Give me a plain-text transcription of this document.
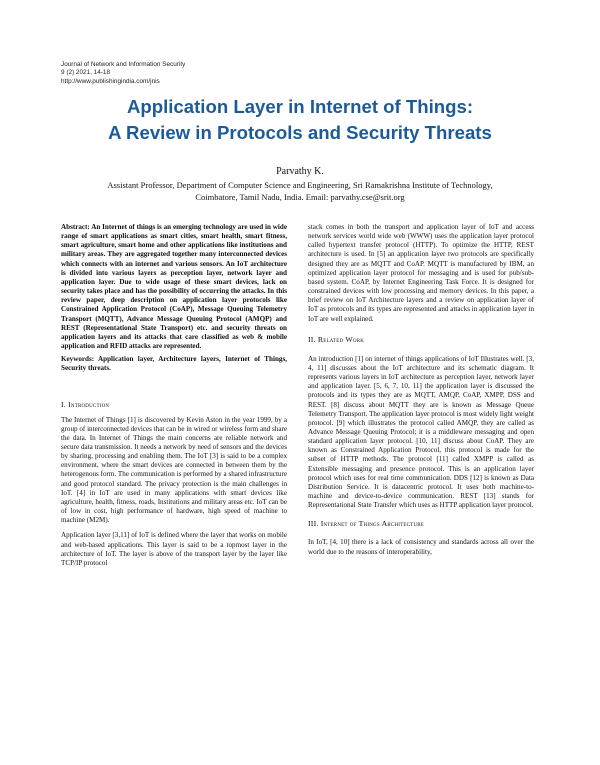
Journal of Network and Information Security
9 (2) 2021, 14-18
http://www.publishingindia.com/jnis
Application Layer in Internet of Things:
A Review in Protocols and Security Threats
Parvathy K.
Assistant Professor, Department of Computer Science and Engineering, Sri Ramakrishna Institute of Technology,
Coimbatore, Tamil Nadu, India. Email: parvathy.cse@srit.org

Abstract: An Internet of things is an emerging technology are used in wide range of smart applications as smart cities, smart health, smart fitness, smart agriculture, smart home and other applications like institutions and military areas. They are aggregated together many interconnected devices which connects with an internet and various sensors. An IoT architecture is divided into various layers as perception layer, network layer and application layer. Due to wide usage of these smart devices, lack on security takes place and has the possibility of occurring the attacks. In this review paper, deep description on application layer protocols like Constrained Application Protocol (CoAP), Message Queuing Telemetry Transport (MQTT), Advance Message Queuing Protocol (AMQP) and REST (Representational State Transport) etc. and security threats on application layers and its attacks that care classified as web & mobile application and RFID attacks are represented.

Keywords: Application layer, Architecture layers, Internet of Things, Security threats.

I. Introduction

The Internet of Things [1] is discovered by Kevin Aston in the year 1999, by a group of interconnected devices that can be in wired or wireless form and share the data. In Internet of Things the main concerns are reliable network and secure data transmission. It needs a network by need of sensors and the devices by sharing, processing and enabling them. The IoT [3] is said to be a complex environment, where the smart devices are connected in between them by the heterogenous form. The communication is performed by a shared infrastructure and good protocol standard. The privacy protection is the main challenges in IoT. [4] in IoT are used in many applications with smart devices like agriculture, health, fitness, roads, Institutions and military areas etc. IoT can be of low in cost, high performance of hardware, high speed of machine to machine (M2M).

Application layer [3,11] of IoT is defined where the layer that works on mobile and web-based applications. This layer is said to be a topmost layer in the architecture of IoT. The layer is above of the transport layer by the layer like TCP/IP protocol

stack comes in both the transport and application layer of IoT and access network services world wide web (WWW) uses the application layer protocol called hypertext transfer protocol (HTTP). To optimize the HTTP, REST architecture is used. In [5] an application layer two protocols are specifically designed they are as MQTT and CoAP. MQTT is manufactured by IBM, an optimized application layer protocol for messaging and is used for pub/sub-based system. CoAP, by Internet Engineering Task Force. It is designed for constrained devices with low processing and memory devices. In this paper, a brief review on IoT Architecture layers and a review on application layer of IoT as protocols and its types are represented and attacks in application layer in IoT are well explained.

II. Related Work

An introduction [1] on internet of things applications of IoT Illustrates well. [3, 4, 11] discusses about the IoT architecture and its schematic diagram. It represents various layers in IoT architecture as perception layer, network layer and application layer. [5, 6, 7, 10, 11] the application layer is discussed the protocols and its types they are as MQTT, AMQP, CoAP, XMPP, DSS and REST. [8] discuss about MQTT they are is known as Message Queue Telemetry Transport. The application layer protocol is most widely light weight protocol. [9] which illustrates the protocol called AMQP, they are called as Advance Message Queuing Protocol; it is a middleware messaging and open standard application layer protocol. [10, 11] discuss about CoAP. They are known as Constrained Application Protocol, this protocol is made for the subset of HTTP methods. The protocol [11] called XMPP is called as Extensible messaging and presence protocol. This is an application layer protocol which uses for real time communication. DDS [12] is known as Data Distribution Service. It is datacentric protocol. It uses both machine-to-machine and device-to-device communication. REST [13] stands for Representational State Transfer which uses as HTTP application layer protocol.

III. Internet of Things Architecture

In IoT, [4, 10] there is a lack of consistency and standards across all over the world due to the reasons of interoperability,
